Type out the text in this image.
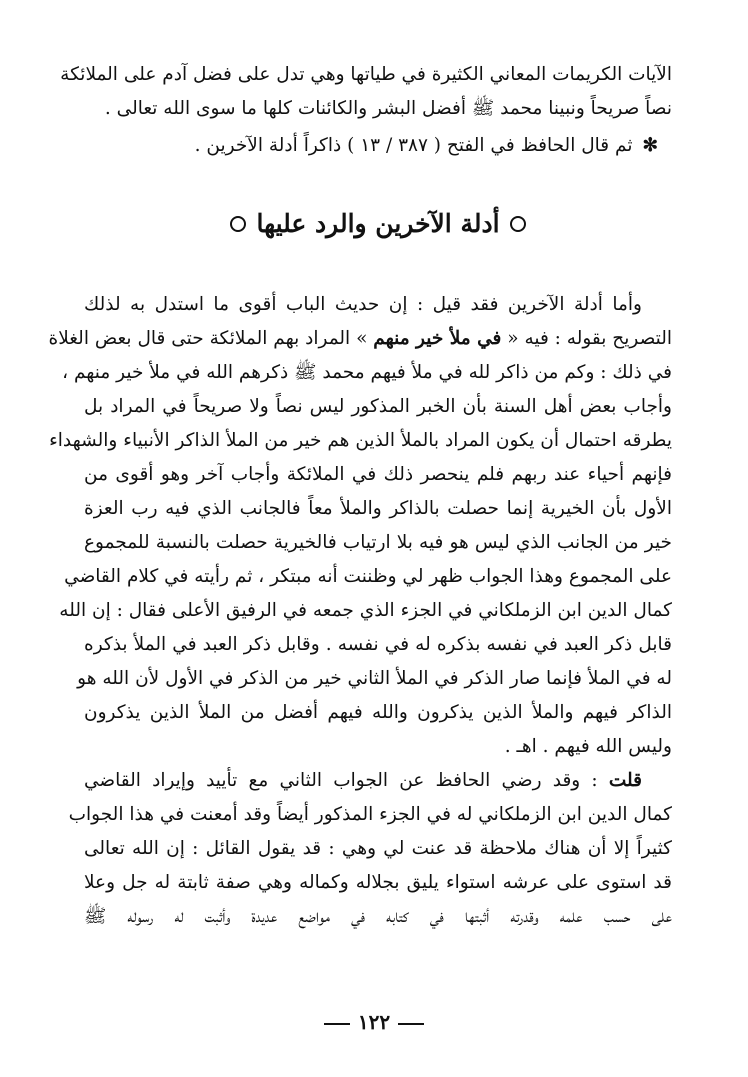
الآيات الكريمات المعاني الكثيرة في طياتها وهي تدل على فضل آدم على الملائكة
نصاً صريحاً ونبينا محمد ﷺ أفضل البشر والكائنات كلها ما سوى الله تعالى .
✻ثم قال الحافظ في الفتح ( ٣٨٧ / ١٣ ) ذاكراً أدلة الآخرين .
أدلة الآخرين والرد عليها
وأما أدلة الآخرين فقد قيل : إن حديث الباب أقوى ما استدل به لذلك
التصريح بقوله : فيه « في ملأ خير منهم » المراد بهم الملائكة حتى قال بعض الغلاة
في ذلك : وكم من ذاكر لله في ملأ فيهم محمد ﷺ ذكرهم الله في ملأ خير منهم ،
وأجاب بعض أهل السنة بأن الخبر المذكور ليس نصاً ولا صريحاً في المراد بل
يطرقه احتمال أن يكون المراد بالملأ الذين هم خير من الملأ الذاكر الأنبياء والشهداء
فإنهم أحياء عند ربهم فلم ينحصر ذلك في الملائكة وأجاب آخر وهو أقوى من
الأول بأن الخيرية إنما حصلت بالذاكر والملأ معاً فالجانب الذي فيه رب العزة
خير من الجانب الذي ليس هو فيه بلا ارتياب فالخيرية حصلت بالنسبة للمجموع
على المجموع وهذا الجواب ظهر لي وظننت أنه مبتكر ، ثم رأيته في كلام القاضي
كمال الدين ابن الزملكاني في الجزء الذي جمعه في الرفيق الأعلى فقال : إن الله
قابل ذكر العبد في نفسه بذكره له في نفسه . وقابل ذكر العبد في الملأ بذكره
له في الملأ فإنما صار الذكر في الملأ الثاني خير من الذكر في الأول لأن الله هو
الذاكر فيهم والملأ الذين يذكرون والله فيهم أفضل من الملأ الذين يذكرون
وليس الله فيهم . اهـ .
قلت : وقد رضي الحافظ عن الجواب الثاني مع تأييد وإيراد القاضي
كمال الدين ابن الزملكاني له في الجزء المذكور أيضاً وقد أمعنت في هذا الجواب
كثيراً إلا أن هناك ملاحظة قد عنت لي وهي : قد يقول القائل : إن الله تعالى
قد استوى على عرشه استواء يليق بجلاله وكماله وهي صفة ثابتة له جل وعلا
على حسب علمه وقدرته أثبتها في كتابه في مواضع عديدة وأثبت له رسوله ﷺ
١٢٢
